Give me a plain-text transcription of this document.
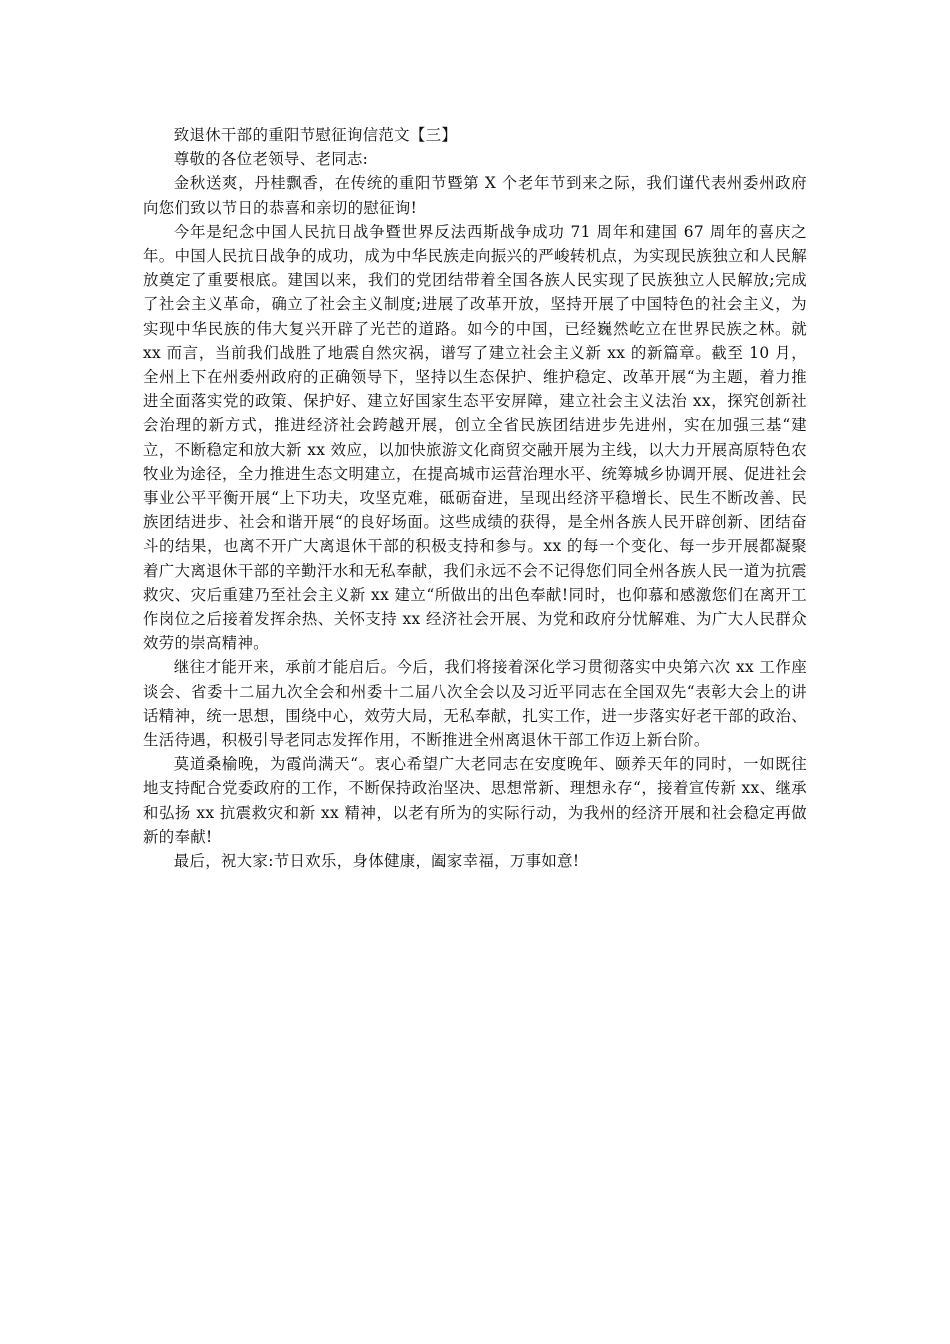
致退休干部的重阳节慰征询信范文【三】

尊敬的各位老领导、老同志:

金秋送爽，丹桂飘香，在传统的重阳节暨第 X 个老年节到来之际，我们谨代表州委州政府向您们致以节日的恭喜和亲切的慰征询!

今年是纪念中国人民抗日战争暨世界反法西斯战争成功 71 周年和建国 67 周年的喜庆之年。中国人民抗日战争的成功，成为中华民族走向振兴的严峻转机点，为实现民族独立和人民解放奠定了重要根底。建国以来，我们的党团结带着全国各族人民实现了民族独立人民解放;完成了社会主义革命，确立了社会主义制度;进展了改革开放，坚持开展了中国特色的社会主义，为实现中华民族的伟大复兴开辟了光芒的道路。如今的中国，已经巍然屹立在世界民族之林。就 xx 而言，当前我们战胜了地震自然灾祸，谱写了建立社会主义新 xx 的新篇章。截至 10 月，全州上下在州委州政府的正确领导下，坚持以生态保护、维护稳定、改革开展“为主题，着力推进全面落实党的政策、保护好、建立好国家生态平安屏障，建立社会主义法治 xx，探究创新社会治理的新方式，推进经济社会跨越开展，创立全省民族团结进步先进州，实在加强三基“建立，不断稳定和放大新 xx 效应，以加快旅游文化商贸交融开展为主线，以大力开展高原特色农牧业为途径，全力推进生态文明建立，在提高城市运营治理水平、统筹城乡协调开展、促进社会事业公平平衡开展“上下功夫，攻坚克难，砥砺奋进，呈现出经济平稳增长、民生不断改善、民族团结进步、社会和谐开展“的良好场面。这些成绩的获得，是全州各族人民开辟创新、团结奋斗的结果，也离不开广大离退休干部的积极支持和参与。xx 的每一个变化、每一步开展都凝聚着广大离退休干部的辛勤汗水和无私奉献，我们永远不会不记得您们同全州各族人民一道为抗震救灾、灾后重建乃至社会主义新 xx 建立“所做出的出色奉献!同时，也仰慕和感激您们在离开工作岗位之后接着发挥余热、关怀支持 xx 经济社会开展、为党和政府分忧解难、为广大人民群众效劳的崇高精神。

继往才能开来，承前才能启后。今后，我们将接着深化学习贯彻落实中央第六次 xx 工作座谈会、省委十二届九次全会和州委十二届八次全会以及习近平同志在全国双先“表彰大会上的讲话精神，统一思想，围绕中心，效劳大局，无私奉献，扎实工作，进一步落实好老干部的政治、生活待遇，积极引导老同志发挥作用，不断推进全州离退休干部工作迈上新台阶。

莫道桑榆晚，为霞尚满天“。衷心希望广大老同志在安度晚年、颐养天年的同时，一如既往地支持配合党委政府的工作，不断保持政治坚决、思想常新、理想永存“，接着宣传新 xx、继承和弘扬 xx 抗震救灾和新 xx 精神，以老有所为的实际行动，为我州的经济开展和社会稳定再做新的奉献!

最后，祝大家:节日欢乐，身体健康，阖家幸福，万事如意!
